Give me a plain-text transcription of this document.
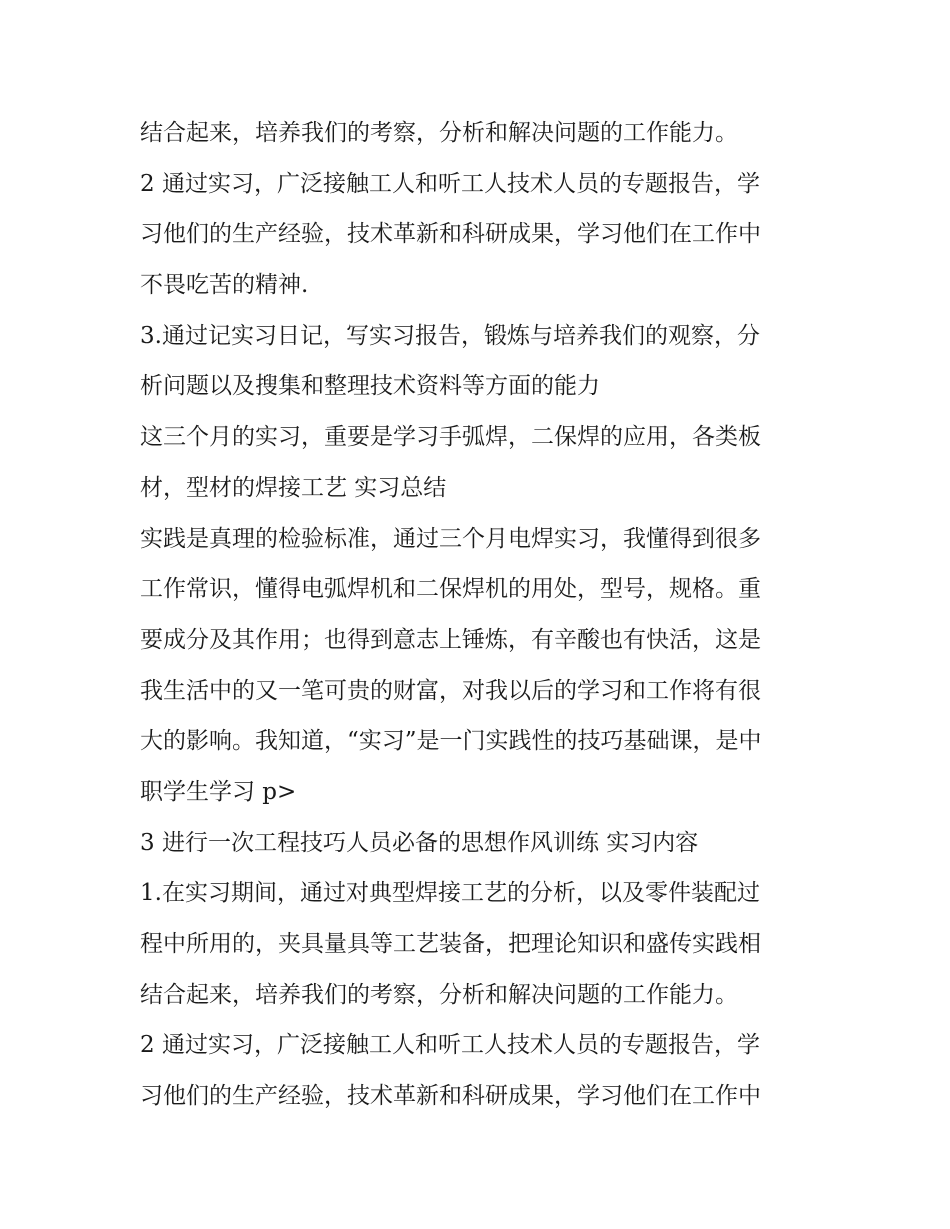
结合起来，培养我们的考察，分析和解决问题的工作能力。
2 通过实习，广泛接触工人和听工人技术人员的专题报告，学
习他们的生产经验，技术革新和科研成果，学习他们在工作中
不畏吃苦的精神.
3.通过记实习日记，写实习报告，锻炼与培养我们的观察，分
析问题以及搜集和整理技术资料等方面的能力
这三个月的实习，重要是学习手弧焊，二保焊的应用，各类板
材，型材的焊接工艺 实习总结
实践是真理的检验标准，通过三个月电焊实习，我懂得到很多
工作常识，懂得电弧焊机和二保焊机的用处，型号，规格。重
要成分及其作用；也得到意志上锤炼，有辛酸也有快活，这是
我生活中的又一笔可贵的财富，对我以后的学习和工作将有很
大的影响。我知道，“实习”是一门实践性的技巧基础课，是中
职学生学习 p>
3 进行一次工程技巧人员必备的思想作风训练 实习内容
1.在实习期间，通过对典型焊接工艺的分析，以及零件装配过
程中所用的，夹具量具等工艺装备，把理论知识和盛传实践相
结合起来，培养我们的考察，分析和解决问题的工作能力。
2 通过实习，广泛接触工人和听工人技术人员的专题报告，学
习他们的生产经验，技术革新和科研成果，学习他们在工作中
